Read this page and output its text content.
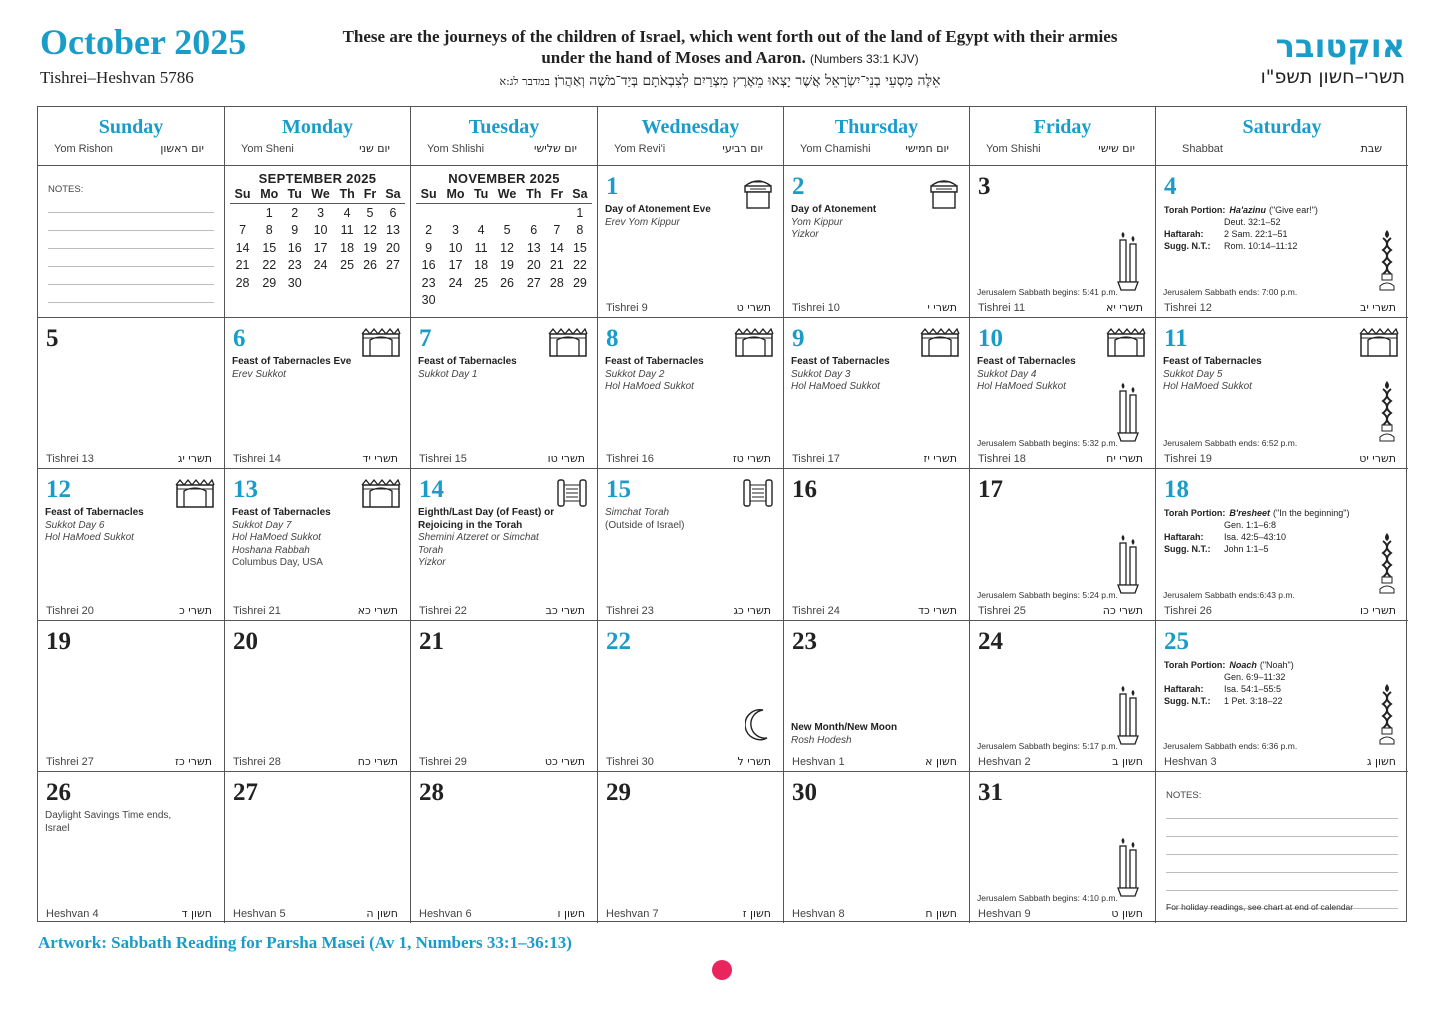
October 2025
Tishrei–Heshvan 5786
These are the journeys of the children of Israel, which went forth out of the land of Egypt with their armies under the hand of Moses and Aaron. (Numbers 33:1 KJV)
אֵלֶּה מַסְעֵי בְנֵי־יִשְׂרָאֵל אֲשֶׁר יָצְאוּ מֵאֶרֶץ מִצְרַיִם לְצִבְאֹתָם בְּיַד־מֹשֶׁה וְאַהֲרֹן׃ במדבר לג:א
אוקטובר
תשרי–חשון תשפ"ו
Sunday
Yom Rishon	יום ראשון
Monday
Yom Sheni	יום שני
Tuesday
Yom Shlishi	יום שלישי
Wednesday
Yom Revi'i	יום רביעי
Thursday
Yom Chamishi	יום חמישי
Friday
Yom Shishi	יום שישי
Saturday
Shabbat	שבת
NOTES:
SEPTEMBER 2025
Su	Mo	Tu	We	Th	Fr	Sa
	1	2	3	4	5	6
7	8	9	10	11	12	13
14	15	16	17	18	19	20
21	22	23	24	25	26	27
28	29	30				
NOVEMBER 2025
Su	Mo	Tu	We	Th	Fr	Sa
						1
2	3	4	5	6	7	8
9	10	11	12	13	14	15
16	17	18	19	20	21	22
23	24	25	26	27	28	29
30						
1
Day of Atonement Eve
Erev Yom Kippur
Tishrei 9	תשרי ט
2
Day of Atonement
Yom Kippur
Yizkor
Tishrei 10	תשרי י
3
Jerusalem Sabbath begins: 5:41 p.m.
Tishrei 11	תשרי יא
4
Torah Portion: Ha'azinu ("Give ear!")
Deut. 32:1–52
Haftarah: 2 Sam. 22:1–51
Sugg. N.T.: Rom. 10:14–11:12
Jerusalem Sabbath ends: 7:00 p.m.
Tishrei 12	תשרי יב
5
Tishrei 13	תשרי יג
6
Feast of Tabernacles Eve
Erev Sukkot
Tishrei 14	תשרי יד
7
Feast of Tabernacles
Sukkot Day 1
Tishrei 15	תשרי טו
8
Feast of Tabernacles
Sukkot Day 2
Hol HaMoed Sukkot
Tishrei 16	תשרי טז
9
Feast of Tabernacles
Sukkot Day 3
Hol HaMoed Sukkot
Tishrei 17	תשרי יז
10
Feast of Tabernacles
Sukkot Day 4
Hol HaMoed Sukkot
Jerusalem Sabbath begins: 5:32 p.m.
Tishrei 18	תשרי יח
11
Feast of Tabernacles
Sukkot Day 5
Hol HaMoed Sukkot
Jerusalem Sabbath ends: 6:52 p.m.
Tishrei 19	תשרי יט
12
Feast of Tabernacles
Sukkot Day 6
Hol HaMoed Sukkot
Tishrei 20	תשרי כ
13
Feast of Tabernacles
Sukkot Day 7
Hol HaMoed Sukkot
Hoshana Rabbah
Columbus Day, USA
Tishrei 21	תשרי כא
14
Eighth/Last Day (of Feast) or
Rejoicing in the Torah
Shemini Atzeret or Simchat Torah
Yizkor
Tishrei 22	תשרי כב
15
Simchat Torah
(Outside of Israel)
Tishrei 23	תשרי כג
16
Tishrei 24	תשרי כד
17
Jerusalem Sabbath begins: 5:24 p.m.
Tishrei 25	תשרי כה
18
Torah Portion: B'resheet ("In the beginning")
Gen. 1:1–6:8
Haftarah: Isa. 42:5–43:10
Sugg. N.T.: John 1:1–5
Jerusalem Sabbath ends:6:43 p.m.
Tishrei 26	תשרי כו
19
Tishrei 27	תשרי כז
20
Tishrei 28	תשרי כח
21
Tishrei 29	תשרי כט
22
Tishrei 30	תשרי ל
23
New Month/New Moon
Rosh Hodesh
Heshvan 1	חשון א
24
Jerusalem Sabbath begins: 5:17 p.m.
Heshvan 2	חשון ב
25
Torah Portion: Noach ("Noah")
Gen. 6:9–11:32
Haftarah: Isa. 54:1–55:5
Sugg. N.T.: 1 Pet. 3:18–22
Jerusalem Sabbath ends: 6:36 p.m.
Heshvan 3	חשון ג
26
Daylight Savings Time ends, Israel
Heshvan 4	חשון ד
27
Heshvan 5	חשון ה
28
Heshvan 6	חשון ו
29
Heshvan 7	חשון ז
30
Heshvan 8	חשון ח
31
Jerusalem Sabbath begins: 4:10 p.m.
Heshvan 9	חשון ט
NOTES:
For holiday readings, see chart at end of calendar
Artwork: Sabbath Reading for Parsha Masei (Av 1, Numbers 33:1–36:13)
